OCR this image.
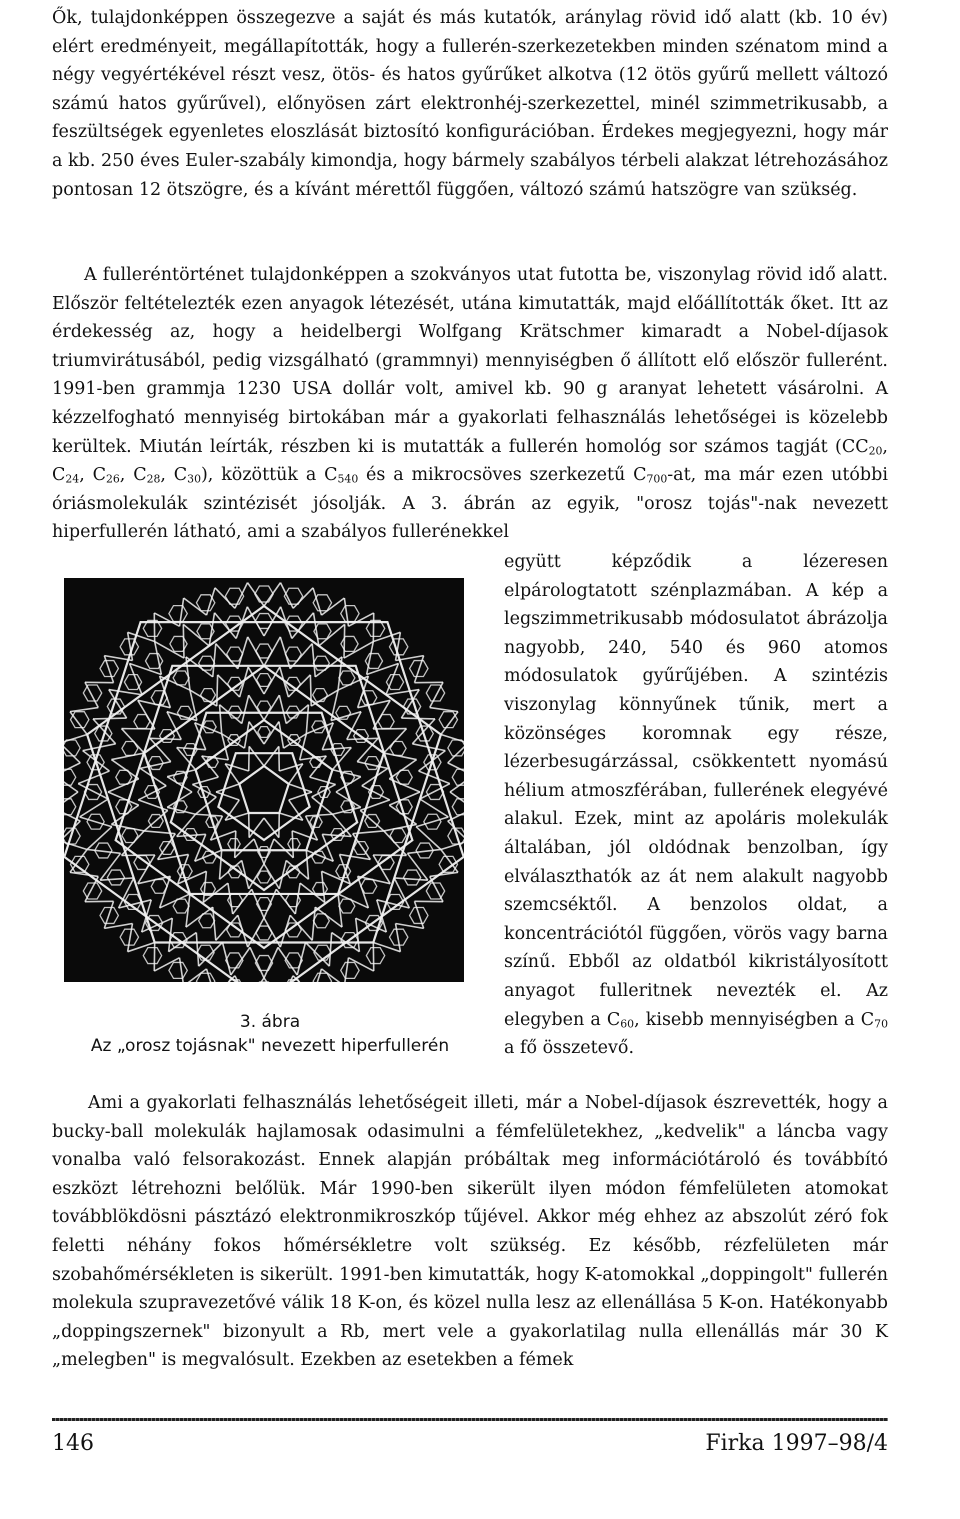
Ők, tulajdonképpen összegezve a saját és más kutatók, aránylag rövid idő alatt (kb. 10 év) elért eredményeit, megállapították, hogy a fullerén-szerkezetekben minden szénatom mind a négy vegyértékével részt vesz, ötös- és hatos gyűrűket alkotva (12 ötös gyűrű mellett változó számú hatos gyűrűvel), előnyösen zárt elektronhéj-szerkezettel, minél szimmetrikusabb, a feszültségek egyenletes eloszlását biztosító konfigurációban. Érdekes megjegyezni, hogy már a kb. 250 éves Euler-szabály kimondja, hogy bármely szabályos térbeli alakzat létrehozásához pontosan 12 ötszögre, és a kívánt mérettől függően, változó számú hatszögre van szükség.

A fulleréntörténet tulajdonképpen a szokványos utat futotta be, viszonylag rövid idő alatt. Először feltételezték ezen anyagok létezését, utána kimutatták, majd előállították őket. Itt az érdekesség az, hogy a heidelbergi Wolfgang Krätschmer kimaradt a Nobel-díjasok triumvirátusából, pedig vizsgálható (grammnyi) mennyiségben ő állított elő először fullerént. 1991-ben grammja 1230 USA dollár volt, amivel kb. 90 g aranyat lehetett vásárolni. A kézzelfogható mennyiség birtokában már a gyakorlati felhasználás lehetőségei is közelebb kerültek. Miután leírták, részben ki is mutatták a fullerén homológ sor számos tagját ($CC_{20}$, $C_{24}$, $C_{26}$, $C_{28}$, $C_{30}$), közöttük a $C_{540}$ és a mikrocsöves szerkezetű $C_{700}-at$, ma már ezen utóbbi óriásmolekulák szintézisét jósolják. A 3. ábrán az egyik, "orosz tojás"-nak nevezett hiperfullerén látható, ami a szabályos fullerénekkel

3. ábra
Az „orosz tojásnak" nevezett hiperfullerén
együtt képződik a lézeresen elpárologtatott szénplazmában. A kép a legszimmetrikusabb módosulatot ábrázolja nagyobb, 240, 540 és 960 atomos módosulatok gyűrűjében. A szintézis viszonylag könnyűnek tűnik, mert a közönséges koromnak egy része, lézerbesugárzással, csökkentett nyomású hélium atmoszférában, fullerének elegyévé alakul. Ezek, mint az apoláris molekulák általában, jól oldódnak benzolban, így elválaszthatók az át nem alakult nagyobb szemcséktől. A benzolos oldat, a koncentrációtól függően, vörös vagy barna színű. Ebből az oldatból kikristályosított anyagot fulleritnek nevezték el. Az elegyben a $C_{60}$, kisebb mennyiségben a $C_{70}$ a fő összetevő.

Ami a gyakorlati felhasználás lehetőségeit illeti, már a Nobel-díjasok észrevették, hogy a bucky-ball molekulák hajlamosak odasimulni a fémfelületekhez, „kedvelik" a láncba vagy vonalba való felsorakozást. Ennek alapján próbáltak meg információtároló és továbbító eszközt létrehozni belőlük. Már 1990-ben sikerült ilyen módon fémfelületen atomokat továbblökdösni pásztázó elektronmikroszkóp tűjével. Akkor még ehhez az abszolút zéró fok feletti néhány fokos hőmérsékletre volt szükség. Ez később, rézfelületen már szobahőmérsékleten is sikerült. 1991-ben kimutatták, hogy K-atomokkal „doppingolt" fullerén molekula szupravezetővé válik 18 K-on, és közel nulla lesz az ellenállása 5 K-on. Hatékonyabb „doppingszernek" bizonyult a Rb, mert vele a gyakorlatilag nulla ellenállás már 30 K „melegben" is megvalósult. Ezekben az esetekben a fémek

146	Firka 1997–98/4
